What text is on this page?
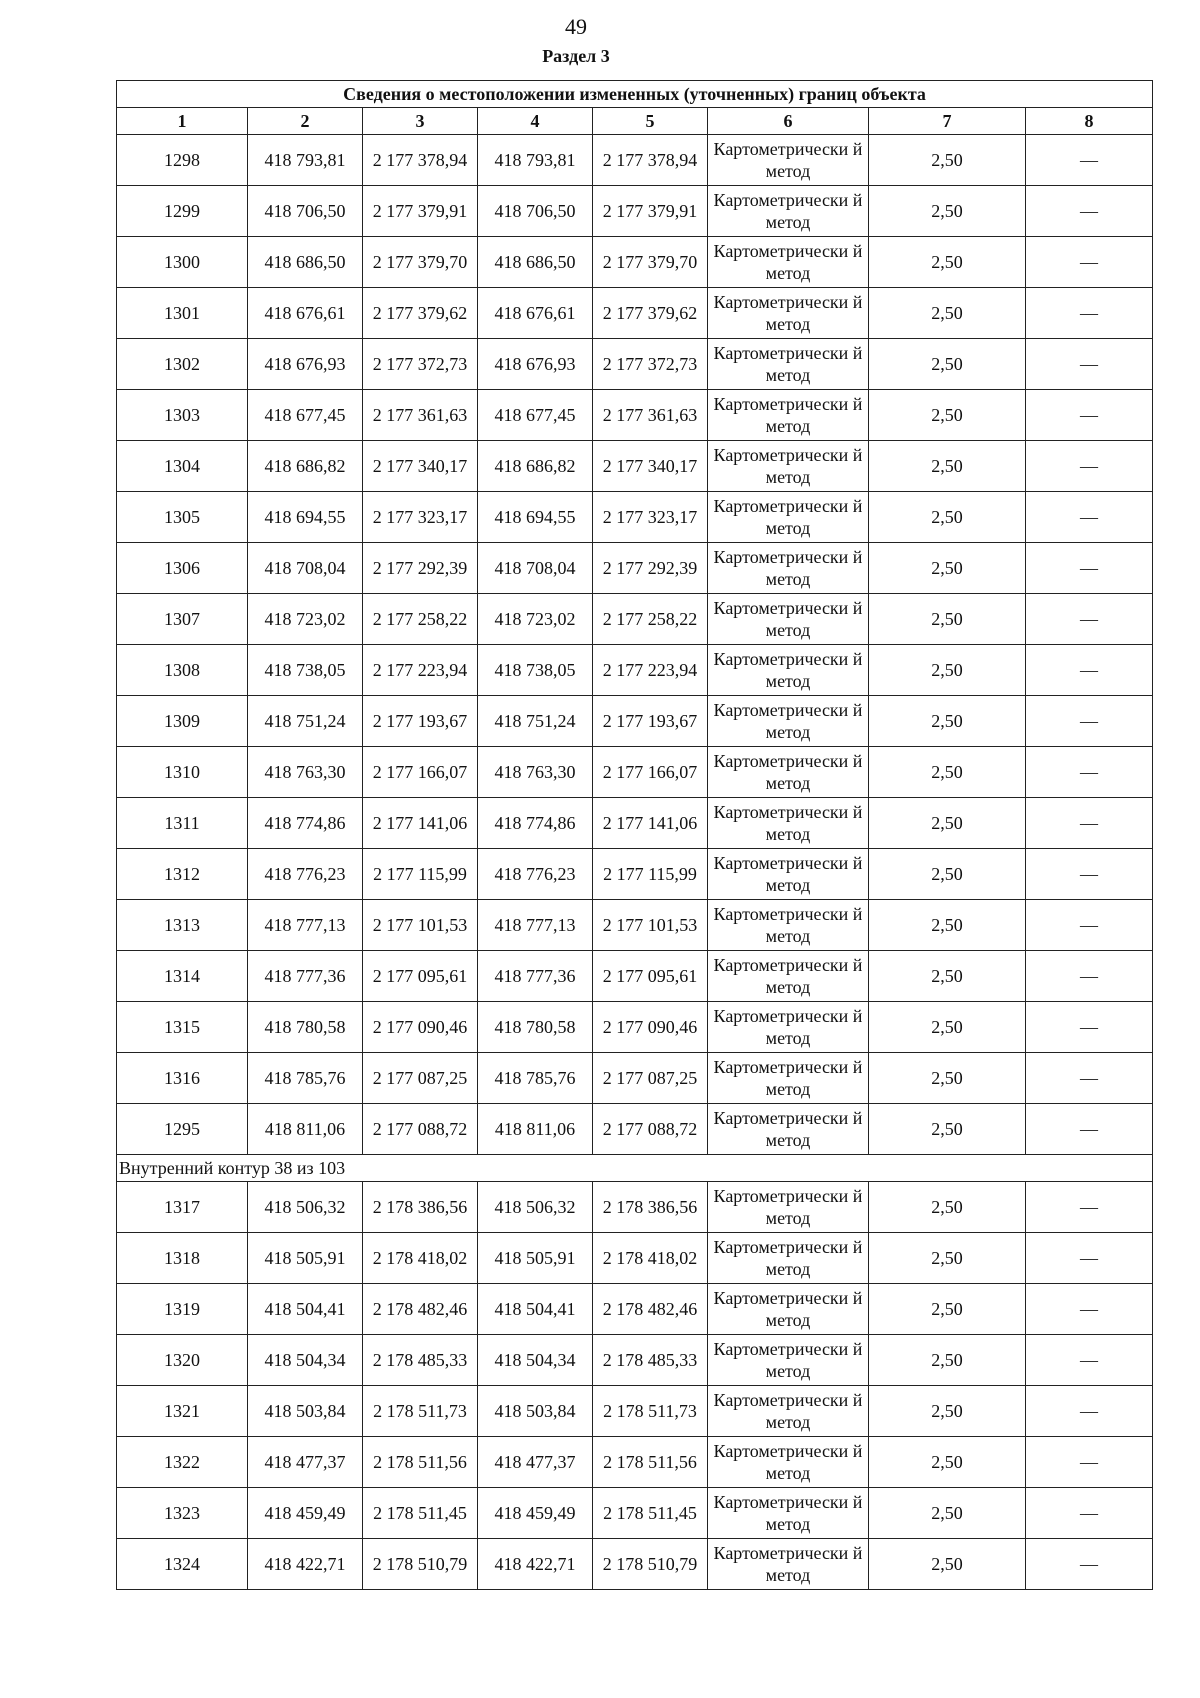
49
Раздел 3
Сведения о местоположении измененных (уточненных) границ объекта							
1	2	3	4	5	6	7	8
1298	418 793,81	2 177 378,94	418 793,81	2 177 378,94	Картометрически й метод	2,50	—
1299	418 706,50	2 177 379,91	418 706,50	2 177 379,91	Картометрически й метод	2,50	—
1300	418 686,50	2 177 379,70	418 686,50	2 177 379,70	Картометрически й метод	2,50	—
1301	418 676,61	2 177 379,62	418 676,61	2 177 379,62	Картометрически й метод	2,50	—
1302	418 676,93	2 177 372,73	418 676,93	2 177 372,73	Картометрически й метод	2,50	—
1303	418 677,45	2 177 361,63	418 677,45	2 177 361,63	Картометрически й метод	2,50	—
1304	418 686,82	2 177 340,17	418 686,82	2 177 340,17	Картометрически й метод	2,50	—
1305	418 694,55	2 177 323,17	418 694,55	2 177 323,17	Картометрически й метод	2,50	—
1306	418 708,04	2 177 292,39	418 708,04	2 177 292,39	Картометрически й метод	2,50	—
1307	418 723,02	2 177 258,22	418 723,02	2 177 258,22	Картометрически й метод	2,50	—
1308	418 738,05	2 177 223,94	418 738,05	2 177 223,94	Картометрически й метод	2,50	—
1309	418 751,24	2 177 193,67	418 751,24	2 177 193,67	Картометрически й метод	2,50	—
1310	418 763,30	2 177 166,07	418 763,30	2 177 166,07	Картометрически й метод	2,50	—
1311	418 774,86	2 177 141,06	418 774,86	2 177 141,06	Картометрически й метод	2,50	—
1312	418 776,23	2 177 115,99	418 776,23	2 177 115,99	Картометрически й метод	2,50	—
1313	418 777,13	2 177 101,53	418 777,13	2 177 101,53	Картометрически й метод	2,50	—
1314	418 777,36	2 177 095,61	418 777,36	2 177 095,61	Картометрически й метод	2,50	—
1315	418 780,58	2 177 090,46	418 780,58	2 177 090,46	Картометрически й метод	2,50	—
1316	418 785,76	2 177 087,25	418 785,76	2 177 087,25	Картометрически й метод	2,50	—
1295	418 811,06	2 177 088,72	418 811,06	2 177 088,72	Картометрически й метод	2,50	—
Внутренний контур 38 из 103							
1317	418 506,32	2 178 386,56	418 506,32	2 178 386,56	Картометрически й метод	2,50	—
1318	418 505,91	2 178 418,02	418 505,91	2 178 418,02	Картометрически й метод	2,50	—
1319	418 504,41	2 178 482,46	418 504,41	2 178 482,46	Картометрически й метод	2,50	—
1320	418 504,34	2 178 485,33	418 504,34	2 178 485,33	Картометрически й метод	2,50	—
1321	418 503,84	2 178 511,73	418 503,84	2 178 511,73	Картометрически й метод	2,50	—
1322	418 477,37	2 178 511,56	418 477,37	2 178 511,56	Картометрически й метод	2,50	—
1323	418 459,49	2 178 511,45	418 459,49	2 178 511,45	Картометрически й метод	2,50	—
1324	418 422,71	2 178 510,79	418 422,71	2 178 510,79	Картометрически й метод	2,50	—
